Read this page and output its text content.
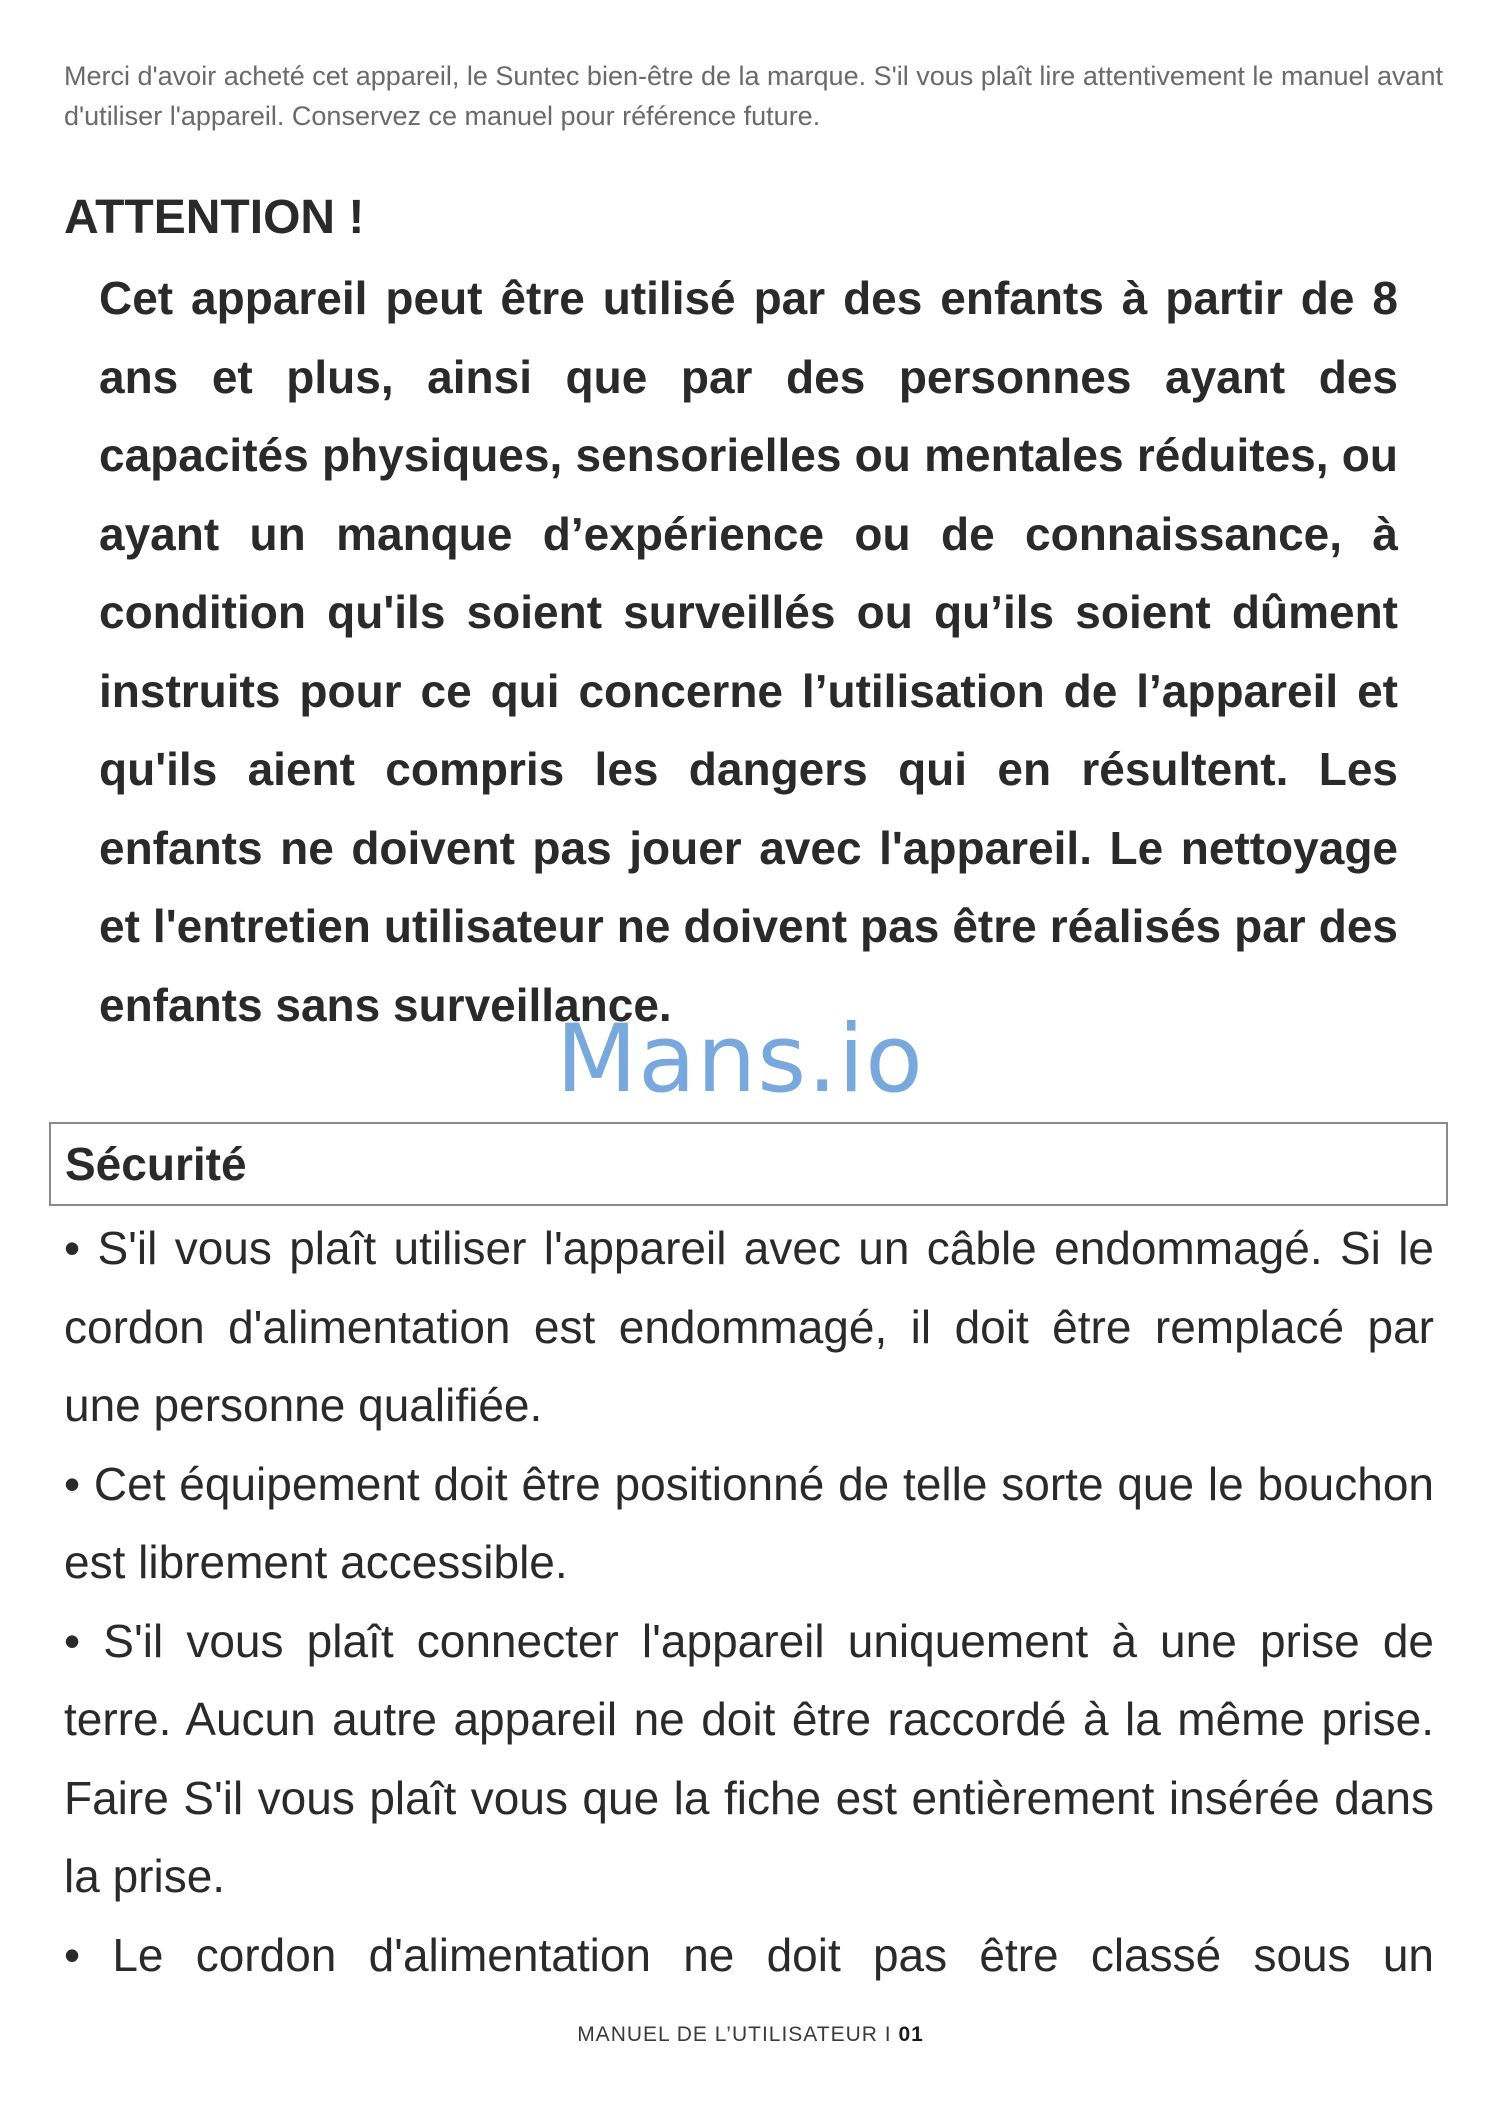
Merci d'avoir acheté cet appareil, le Suntec bien-être de la marque. S'il vous plaît lire attentivement le manuel avant d'utiliser l'appareil. Conservez ce manuel pour référence future.

ATTENTION !

Cet appareil peut être utilisé par des enfants à partir de 8 ans et plus, ainsi que par des personnes ayant des capacités physiques, sensorielles ou mentales réduites, ou ayant un manque d’expérience ou de connaissance, à condition qu'ils soient surveillés ou qu’ils soient dûment instruits pour ce qui concerne l’utilisation de l’appareil et qu'ils aient compris les dangers qui en résultent. Les enfants ne doivent pas jouer avec l'appareil. Le nettoyage et l'entretien utilisateur ne doivent pas être réalisés par des enfants sans surveillance.

Sécurité

• S'il vous plaît utiliser l'appareil avec un câble endommagé. Si le cordon d'alimentation est endommagé, il doit être remplacé par une personne qualifiée.

• Cet équipement doit être positionné de telle sorte que le bouchon est librement accessible.

• S'il vous plaît connecter l'appareil uniquement à une prise de terre. Aucun autre appareil ne doit être raccordé à la même prise. Faire S'il vous plaît vous que la fiche est entièrement insérée dans la prise.

• Le cordon d'alimentation ne doit pas être classé sous un

Mans.io
MANUEL DE L’UTILISATEUR I 01
